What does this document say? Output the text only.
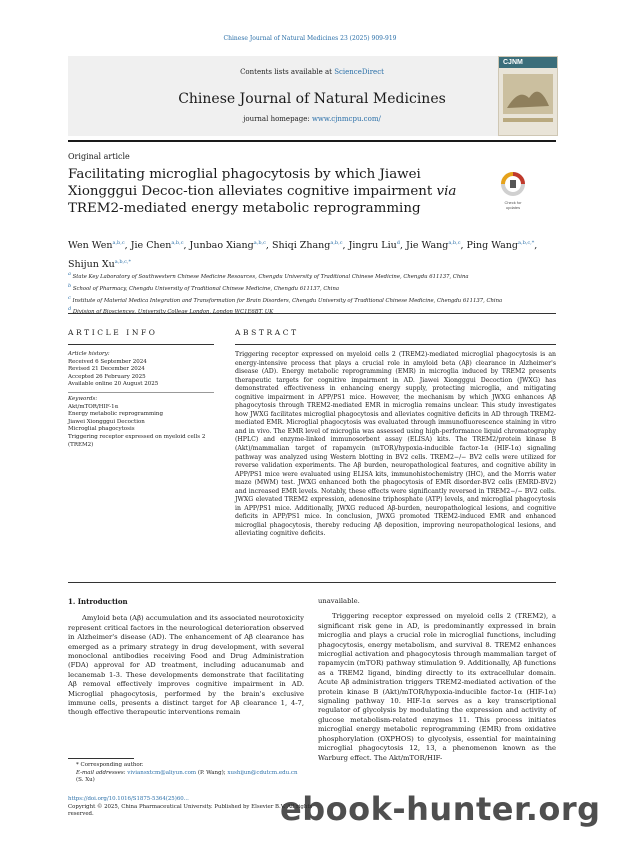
Chinese Journal of Natural Medicines 23 (2025) 909-919
Contents lists available at ScienceDirect
Chinese Journal of Natural Medicines
journal homepage: www.cjnmcpu.com/
CJNM
Original article
Facilitating microglial phagocytosis by which Jiawei Xiongggui Decoc-tion alleviates cognitive impairment via TREM2-mediated energy metabolic reprogramming	Check for updates
Wen Wen$^{a,b,c}$, Jie Chen$^{a,b,c}$, Junbao Xiang$^{a,b,c}$, Shiqi Zhang$^{a,b,c}$, Jingru Liu$^d$, Jie Wang$^{a,b,c}$, Ping Wang$^{a,b,c,*}$, Shijun $Xu^{a,b,c,*}$
$^a$ State Key Laboratory of Southwestern Chinese Medicine Resources, Chengdu University of Traditional Chinese Medicine, Chengdu 611137, China
$^b$ School of Pharmacy, Chengdu University of Traditional Chinese Medicine, Chengdu 611137, China
$^c$ Institute of Material Medica Integration and Transformation for Brain Disorders, Chengdu University of Traditional Chinese Medicine, Chengdu 611137, China
$^d$
ARTICLE INFO	ABSTRACT
Article history:
Received 6 September 2024
Revised 21 December 2024
Accepted 26 February 2025
Available online 20 August 2025
Keywords:
Akt/mTOR/HIF-1α
Energy metabolic reprogramming
Jiawei Xiongggui Decoction
Microglial phagocytosis
Triggering receptor expressed on myeloid cells 2 (TREM2)
Triggering receptor expressed on myeloid cells 2 (TREM2)-mediated microglial phagocytosis is an energy-intensive process that plays a crucial role in amyloid beta (Aβ) clearance in Alzheimer's disease (AD). Energy metabolic reprogramming (EMR) in microglia induced by TREM2 presents therapeutic targets for cognitive impairment in AD. Jiawei Xiongggui Decoction (JWXG) has demonstrated effectiveness in enhancing energy supply, protecting microglia, and mitigating cognitive impairment in APP/PS1 mice. However, the mechanism by which JWXG enhances Aβ phagocytosis through TREM2-mediated EMR in microglia remains unclear. This study investigates how JWXG facilitates microglial phagocytosis and alleviates cognitive deficits in AD through TREM2-mediated EMR. Microglial phagocytosis was evaluated through immunofluorescence staining in vitro and in vivo. The EMR level of microglia was assessed using high-performance liquid chromatography (HPLC) and enzyme-linked immunosorbent assay (ELISA) kits. The TREM2/protein kinase B (Akt)/mammalian target of rapamycin (mTOR)/hypoxia-inducible factor-1α (HIF-1α) signaling pathway was analyzed using Western blotting in BV2 cells. TREM2−/− BV2 cells were utilized for reverse validation experiments. The Aβ burden, neuropathological features, and cognitive ability in APP/PS1 mice were evaluated using ELISA kits, immunohistochemistry (IHC), and the Morris water maze (MWM) test. JWXG enhanced both the phagocytosis of EMR disorder-BV2 cells (EMRD-BV2) and increased EMR levels. Notably, these effects were significantly reversed in TREM2−/− BV2 cells. JWXG elevated TREM2 expression, adenosine triphosphate (ATP) levels, and microglial phagocytosis in APP/PS1 mice. Additionally, JWXG reduced Aβ-burden, neuropathological lesions, and cognitive deficits in APP/PS1 mice. In conclusion, JWXG promoted TREM2-induced EMR and enhanced microglial phagocytosis, thereby reducing Aβ deposition, improving neuropathological lesions, and alleviating cognitive deficits.
1. Introduction
Amyloid beta (Aβ) accumulation and its associated neurotoxicity represent critical factors in the neurological deterioration observed in Alzheimer's disease (AD). The enhancement of Aβ clearance has emerged as a primary strategy in drug development, with several monoclonal antibodies receiving Food and Drug Administration (FDA) approval for AD treatment, including aducanumab and lecanemab 1-3. These developments demonstrate that facilitating Aβ removal effectively improves cognitive impairment in AD. Microglial phagocytosis, performed by the brain's exclusive immune cells, presents a distinct target for Aβ clearance 1, 4-7, though effective therapeutic interventions remain
unavailable.
Triggering receptor expressed on myeloid cells 2 (TREM2), a significant risk gene in AD, is predominantly expressed in brain microglia and plays a crucial role in microglial functions, including phagocytosis, energy metabolism, and survival 8. TREM2 enhances microglial activation and phagocytosis through mammalian target of rapamycin (mTOR) pathway stimulation 9. Additionally, Aβ functions as a TREM2 ligand, binding directly to its extracellular domain. Acute Aβ administration triggers TREM2-mediated activation of the protein kinase B (Akt)/mTOR/hypoxia-inducible factor-1α (HIF-1α) signaling pathway 10. HIF-1α serves as a key transcriptional regulator of glycolysis by modulating the expression and activity of glucose metabolism-related enzymes 11. This process initiates microglial energy metabolic reprogramming (EMR) from oxidative phosphorylation (OXPHOS) to glycolysis, essential for maintaining microglial phagocytosis 12, 13, a phenomenon known as the Warburg effect. The Akt/mTOR/HIF-
* Corresponding author.
E-mail addresses: viviansxtcm@aliyun.com (P. Wang); xushijun@cdutcm.edu.cn (S. Xu)
https://doi.org/10.1016/S1875-5364(25)60...
Copyright © 2025, China Pharmaceutical University. Published by Elsevier B.V. All rights reserved.	ebook-hunter.org
